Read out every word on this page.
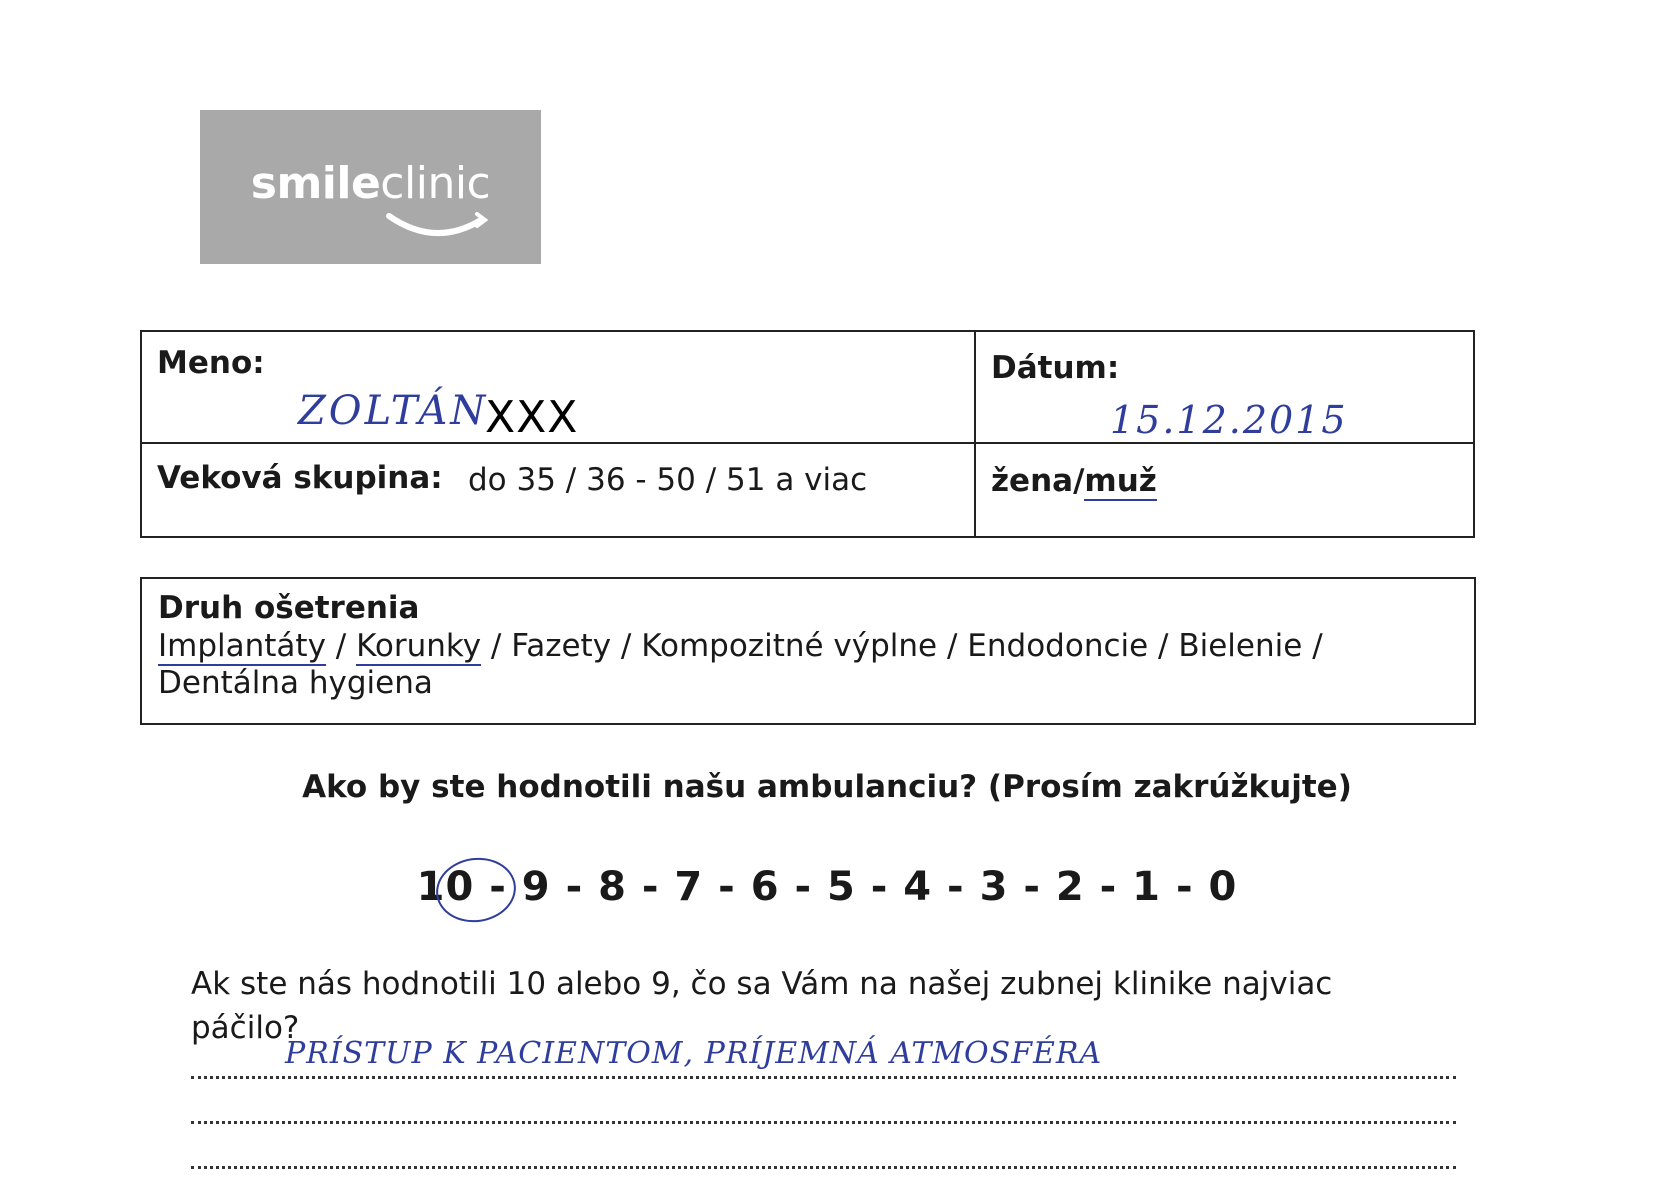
smileclinic
Meno:
ZOLTÁN
XXX
Dátum:
15.12.2015
Veková skupina: do 35 / 36 - 50 / 51 a viac	žena/muž
Druh ošetrenia
Implantáty / Korunky / Fazety / Kompozitné výplne / Endodoncie / Bielenie / Dentálna hygiena
Ako by ste hodnotili našu ambulanciu? (Prosím zakrúžkujte)
10 - 9 - 8 - 7 - 6 - 5 - 4 - 3 - 2 - 1 - 0
Ak ste nás hodnotili 10 alebo 9, čo sa Vám na našej zubnej klinike najviac páčilo?
PRÍSTUP K PACIENTOM, PRÍJEMNÁ ATMOSFÉRA
